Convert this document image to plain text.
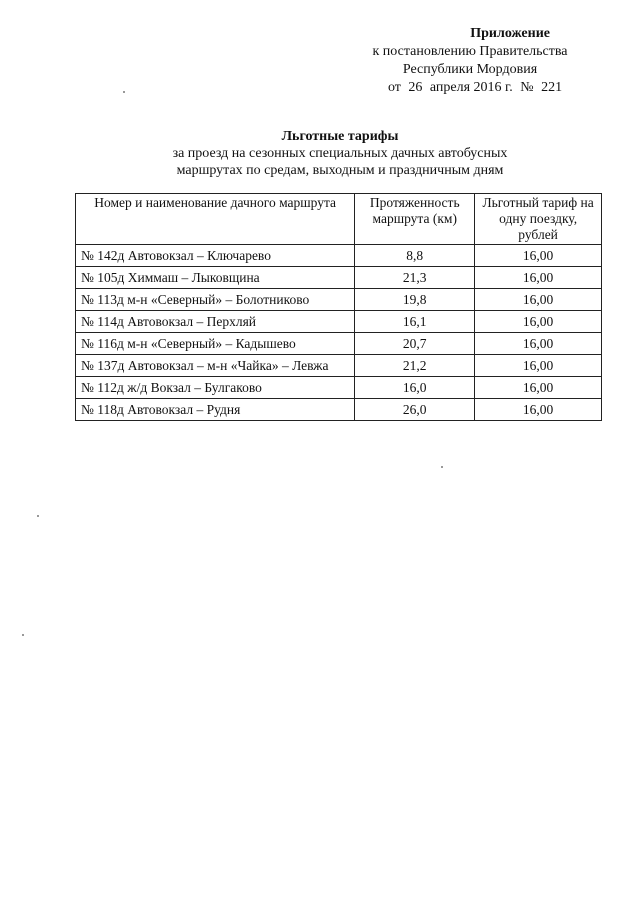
Приложение
к постановлению Правительства
Республики Мордовия
от 26 апреля 2016 г. № 221
Льготные тарифы
за проезд на сезонных специальных дачных автобусных
маршрутах по средам, выходным и праздничным дням
Номер и наименование дачного маршрута	Протяженность маршрута (км)	Льготный тариф на одну поездку, рублей
№ 142д Автовокзал – Ключарево	8,8	16,00
№ 105д Химмаш – Лыковщина	21,3	16,00
№ 113д м-н «Северный» – Болотниково	19,8	16,00
№ 114д Автовокзал – Перхляй	16,1	16,00
№ 116д м-н «Северный» – Кадышево	20,7	16,00
№ 137д Автовокзал – м-н «Чайка» – Левжа	21,2	16,00
№ 112д ж/д Вокзал – Булгаково	16,0	16,00
№ 118д Автовокзал – Рудня	26,0	16,00
